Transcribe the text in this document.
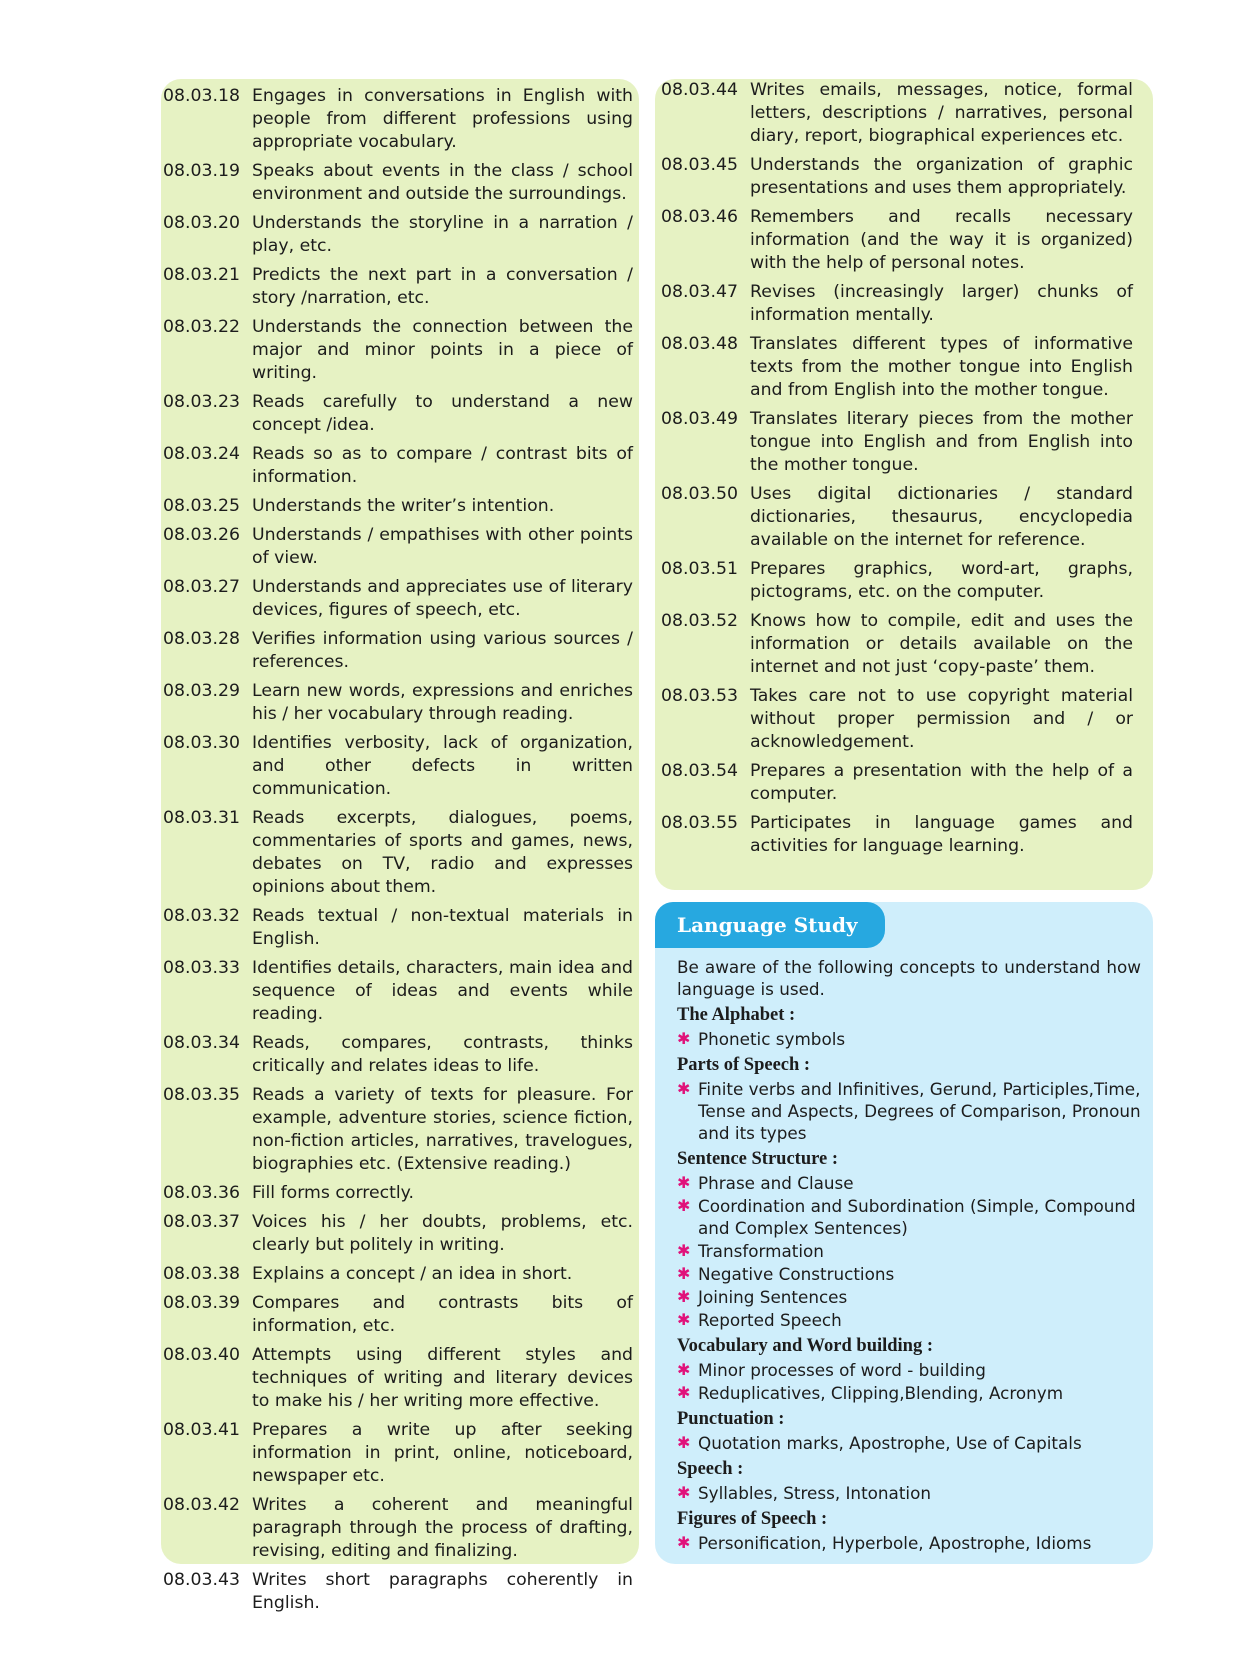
08.03.18 Engages in conversations in English with people from different professions using appropriate vocabulary.
08.03.19 Speaks about events in the class / school environment and outside the surroundings.
08.03.20 Understands the storyline in a narration / play, etc.
08.03.21 Predicts the next part in a conversation / story /narration, etc.
08.03.22 Understands the connection between the major and minor points in a piece of writing.
08.03.23 Reads carefully to understand a new concept /idea.
08.03.24 Reads so as to compare / contrast bits of information.
08.03.25 Understands the writer’s intention.
08.03.26 Understands / empathises with other points of view.
08.03.27 Understands and appreciates use of literary devices, figures of speech, etc.
08.03.28 Verifies information using various sources / references.
08.03.29 Learn new words, expressions and enriches his / her vocabulary through reading.
08.03.30 Identifies verbosity, lack of organization, and other defects in written communication.
08.03.31 Reads excerpts, dialogues, poems, commentaries of sports and games, news, debates on TV, radio and expresses opinions about them.
08.03.32 Reads textual / non-textual materials in English.
08.03.33 Identifies details, characters, main idea and sequence of ideas and events while reading.
08.03.34 Reads, compares, contrasts, thinks critically and relates ideas to life.
08.03.35 Reads a variety of texts for pleasure. For example, adventure stories, science fiction, non-fiction articles, narratives, travelogues, biographies etc. (Extensive reading.)
08.03.36 Fill forms correctly.
08.03.37 Voices his / her doubts, problems, etc. clearly but politely in writing.
08.03.38 Explains a concept / an idea in short.
08.03.39 Compares and contrasts bits of information, etc.
08.03.40 Attempts using different styles and techniques of writing and literary devices to make his / her writing more effective.
08.03.41 Prepares a write up after seeking information in print, online, noticeboard, newspaper etc.
08.03.42 Writes a coherent and meaningful paragraph through the process of drafting, revising, editing and finalizing.
08.03.43 Writes short paragraphs coherently in English.
08.03.44 Writes emails, messages, notice, formal letters, descriptions / narratives, personal diary, report, biographical experiences etc.
08.03.45 Understands the organization of graphic presentations and uses them appropriately.
08.03.46 Remembers and recalls necessary information (and the way it is organized) with the help of personal notes.
08.03.47 Revises (increasingly larger) chunks of information mentally.
08.03.48 Translates different types of informative texts from the mother tongue into English and from English into the mother tongue.
08.03.49 Translates literary pieces from the mother tongue into English and from English into the mother tongue.
08.03.50 Uses digital dictionaries / standard dictionaries, thesaurus, encyclopedia available on the internet for reference.
08.03.51 Prepares graphics, word-art, graphs, pictograms, etc. on the computer.
08.03.52 Knows how to compile, edit and uses the information or details available on the internet and not just ‘copy-paste’ them.
08.03.53 Takes care not to use copyright material without proper permission and / or acknowledgement.
08.03.54 Prepares a presentation with the help of a computer.
08.03.55 Participates in language games and activities for language learning.
Language Study
Be aware of the following concepts to understand how language is used.
The Alphabet :
✱ Phonetic symbols
Parts of Speech :
✱ Finite verbs and Infinitives, Gerund, Participles,Time, Tense and Aspects, Degrees of Comparison, Pronoun and its types
Sentence Structure :
✱ Phrase and Clause
✱ Coordination and Subordination (Simple, Compound and Complex Sentences)
✱ Transformation
✱ Negative Constructions
✱ Joining Sentences
✱ Reported Speech
Vocabulary and Word building :
✱ Minor processes of word - building
✱ Reduplicatives, Clipping,Blending, Acronym
Punctuation :
✱ Quotation marks, Apostrophe, Use of Capitals
Speech :
✱ Syllables, Stress, Intonation
Figures of Speech :
✱ Personification, Hyperbole, Apostrophe, Idioms
